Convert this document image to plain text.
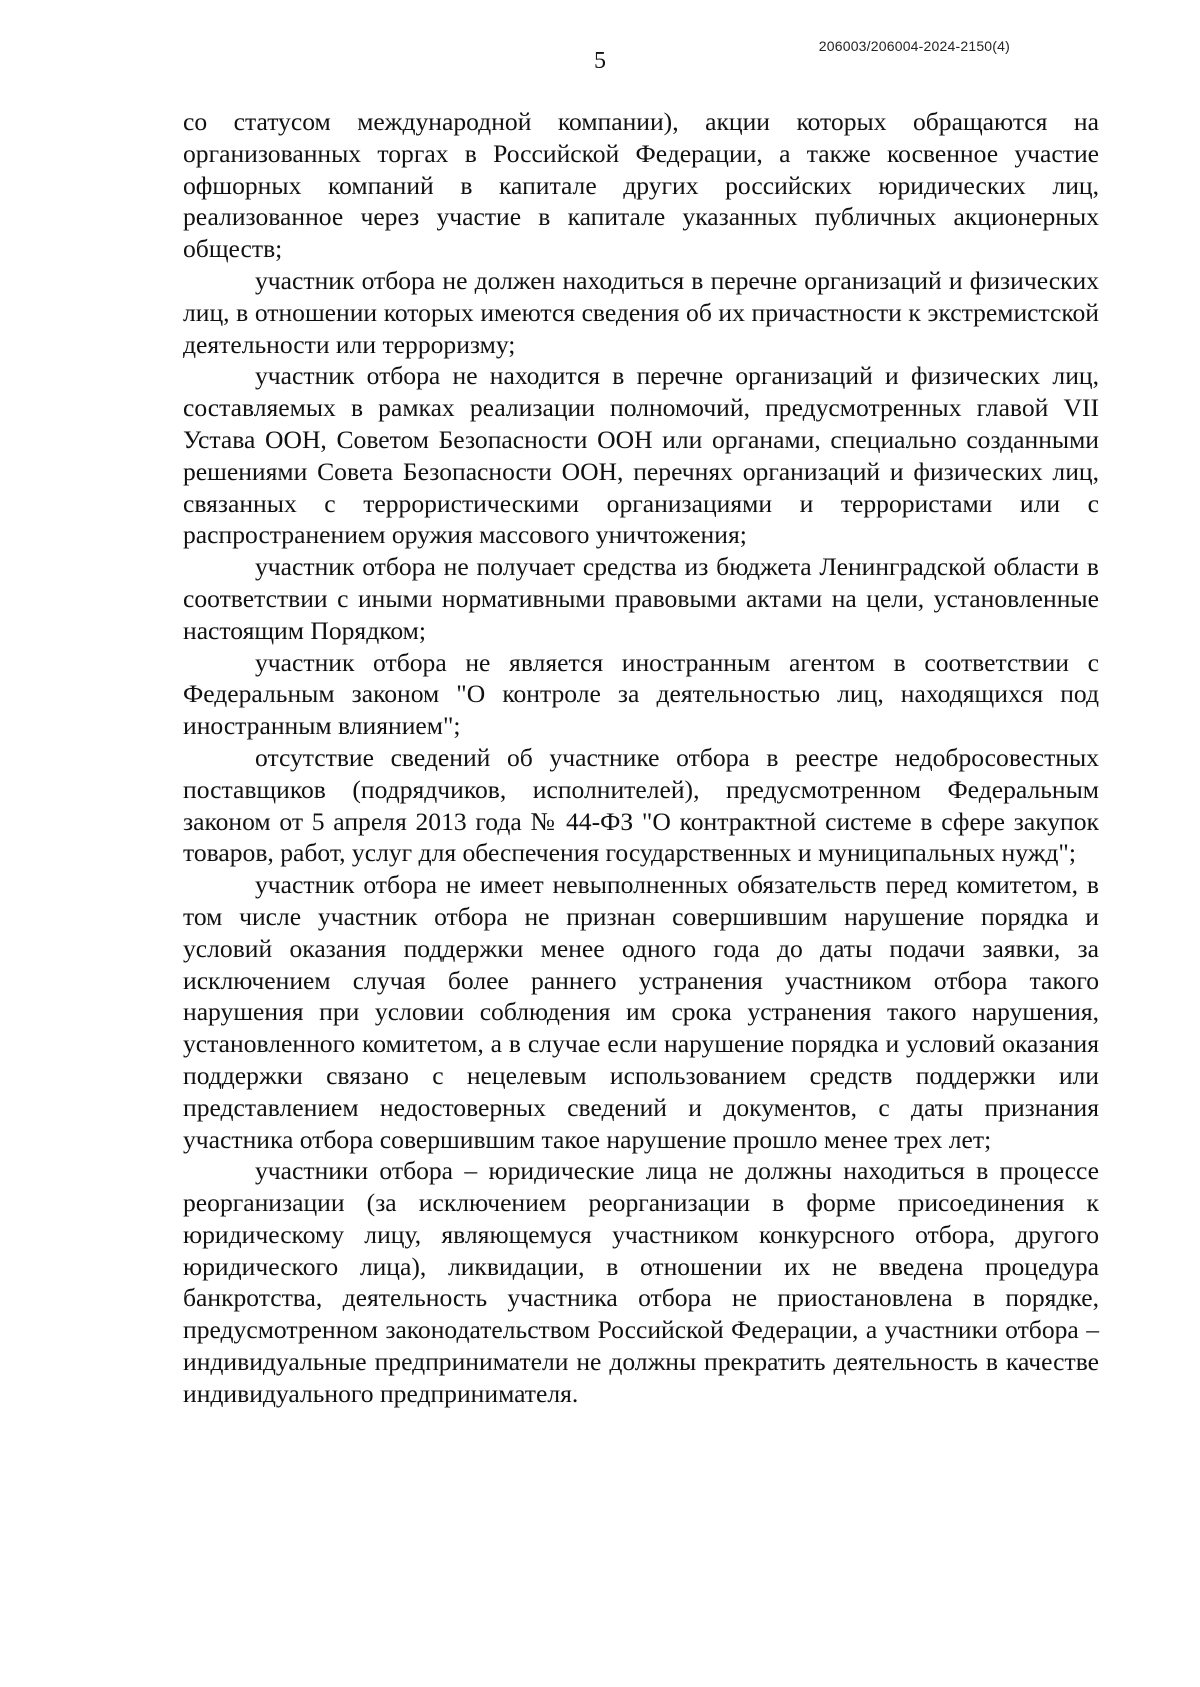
206003/206004-2024-2150(4)
5

со статусом международной компании), акции которых обращаются на организованных торгах в Российской Федерации, а также косвенное участие офшорных компаний в капитале других российских юридических лиц, реализованное через участие в капитале указанных публичных акционерных обществ;

участник отбора не должен находиться в перечне организаций и физических лиц, в отношении которых имеются сведения об их причастности к экстремистской деятельности или терроризму;

участник отбора не находится в перечне организаций и физических лиц, составляемых в рамках реализации полномочий, предусмотренных главой VII Устава ООН, Советом Безопасности ООН или органами, специально созданными решениями Совета Безопасности ООН, перечнях организаций и физических лиц, связанных с террористическими организациями и террористами или с распространением оружия массового уничтожения;

участник отбора не получает средства из бюджета Ленинградской области в соответствии с иными нормативными правовыми актами на цели, установленные настоящим Порядком;

участник отбора не является иностранным агентом в соответствии с Федеральным законом "О контроле за деятельностью лиц, находящихся под иностранным влиянием";

отсутствие сведений об участнике отбора в реестре недобросовестных поставщиков (подрядчиков, исполнителей), предусмотренном Федеральным законом от 5 апреля 2013 года № 44-ФЗ "О контрактной системе в сфере закупок товаров, работ, услуг для обеспечения государственных и муниципальных нужд";

участник отбора не имеет невыполненных обязательств перед комитетом, в том числе участник отбора не признан совершившим нарушение порядка и условий оказания поддержки менее одного года до даты подачи заявки, за исключением случая более раннего устранения участником отбора такого нарушения при условии соблюдения им срока устранения такого нарушения, установленного комитетом, а в случае если нарушение порядка и условий оказания поддержки связано с нецелевым использованием средств поддержки или представлением недостоверных сведений и документов, с даты признания участника отбора совершившим такое нарушение прошло менее трех лет;

участники отбора – юридические лица не должны находиться в процессе реорганизации (за исключением реорганизации в форме присоединения к юридическому лицу, являющемуся участником конкурсного отбора, другого юридического лица), ликвидации, в отношении их не введена процедура банкротства, деятельность участника отбора не приостановлена в порядке, предусмотренном законодательством Российской Федерации, а участники отбора – индивидуальные предприниматели не должны прекратить деятельность в качестве индивидуального предпринимателя.
